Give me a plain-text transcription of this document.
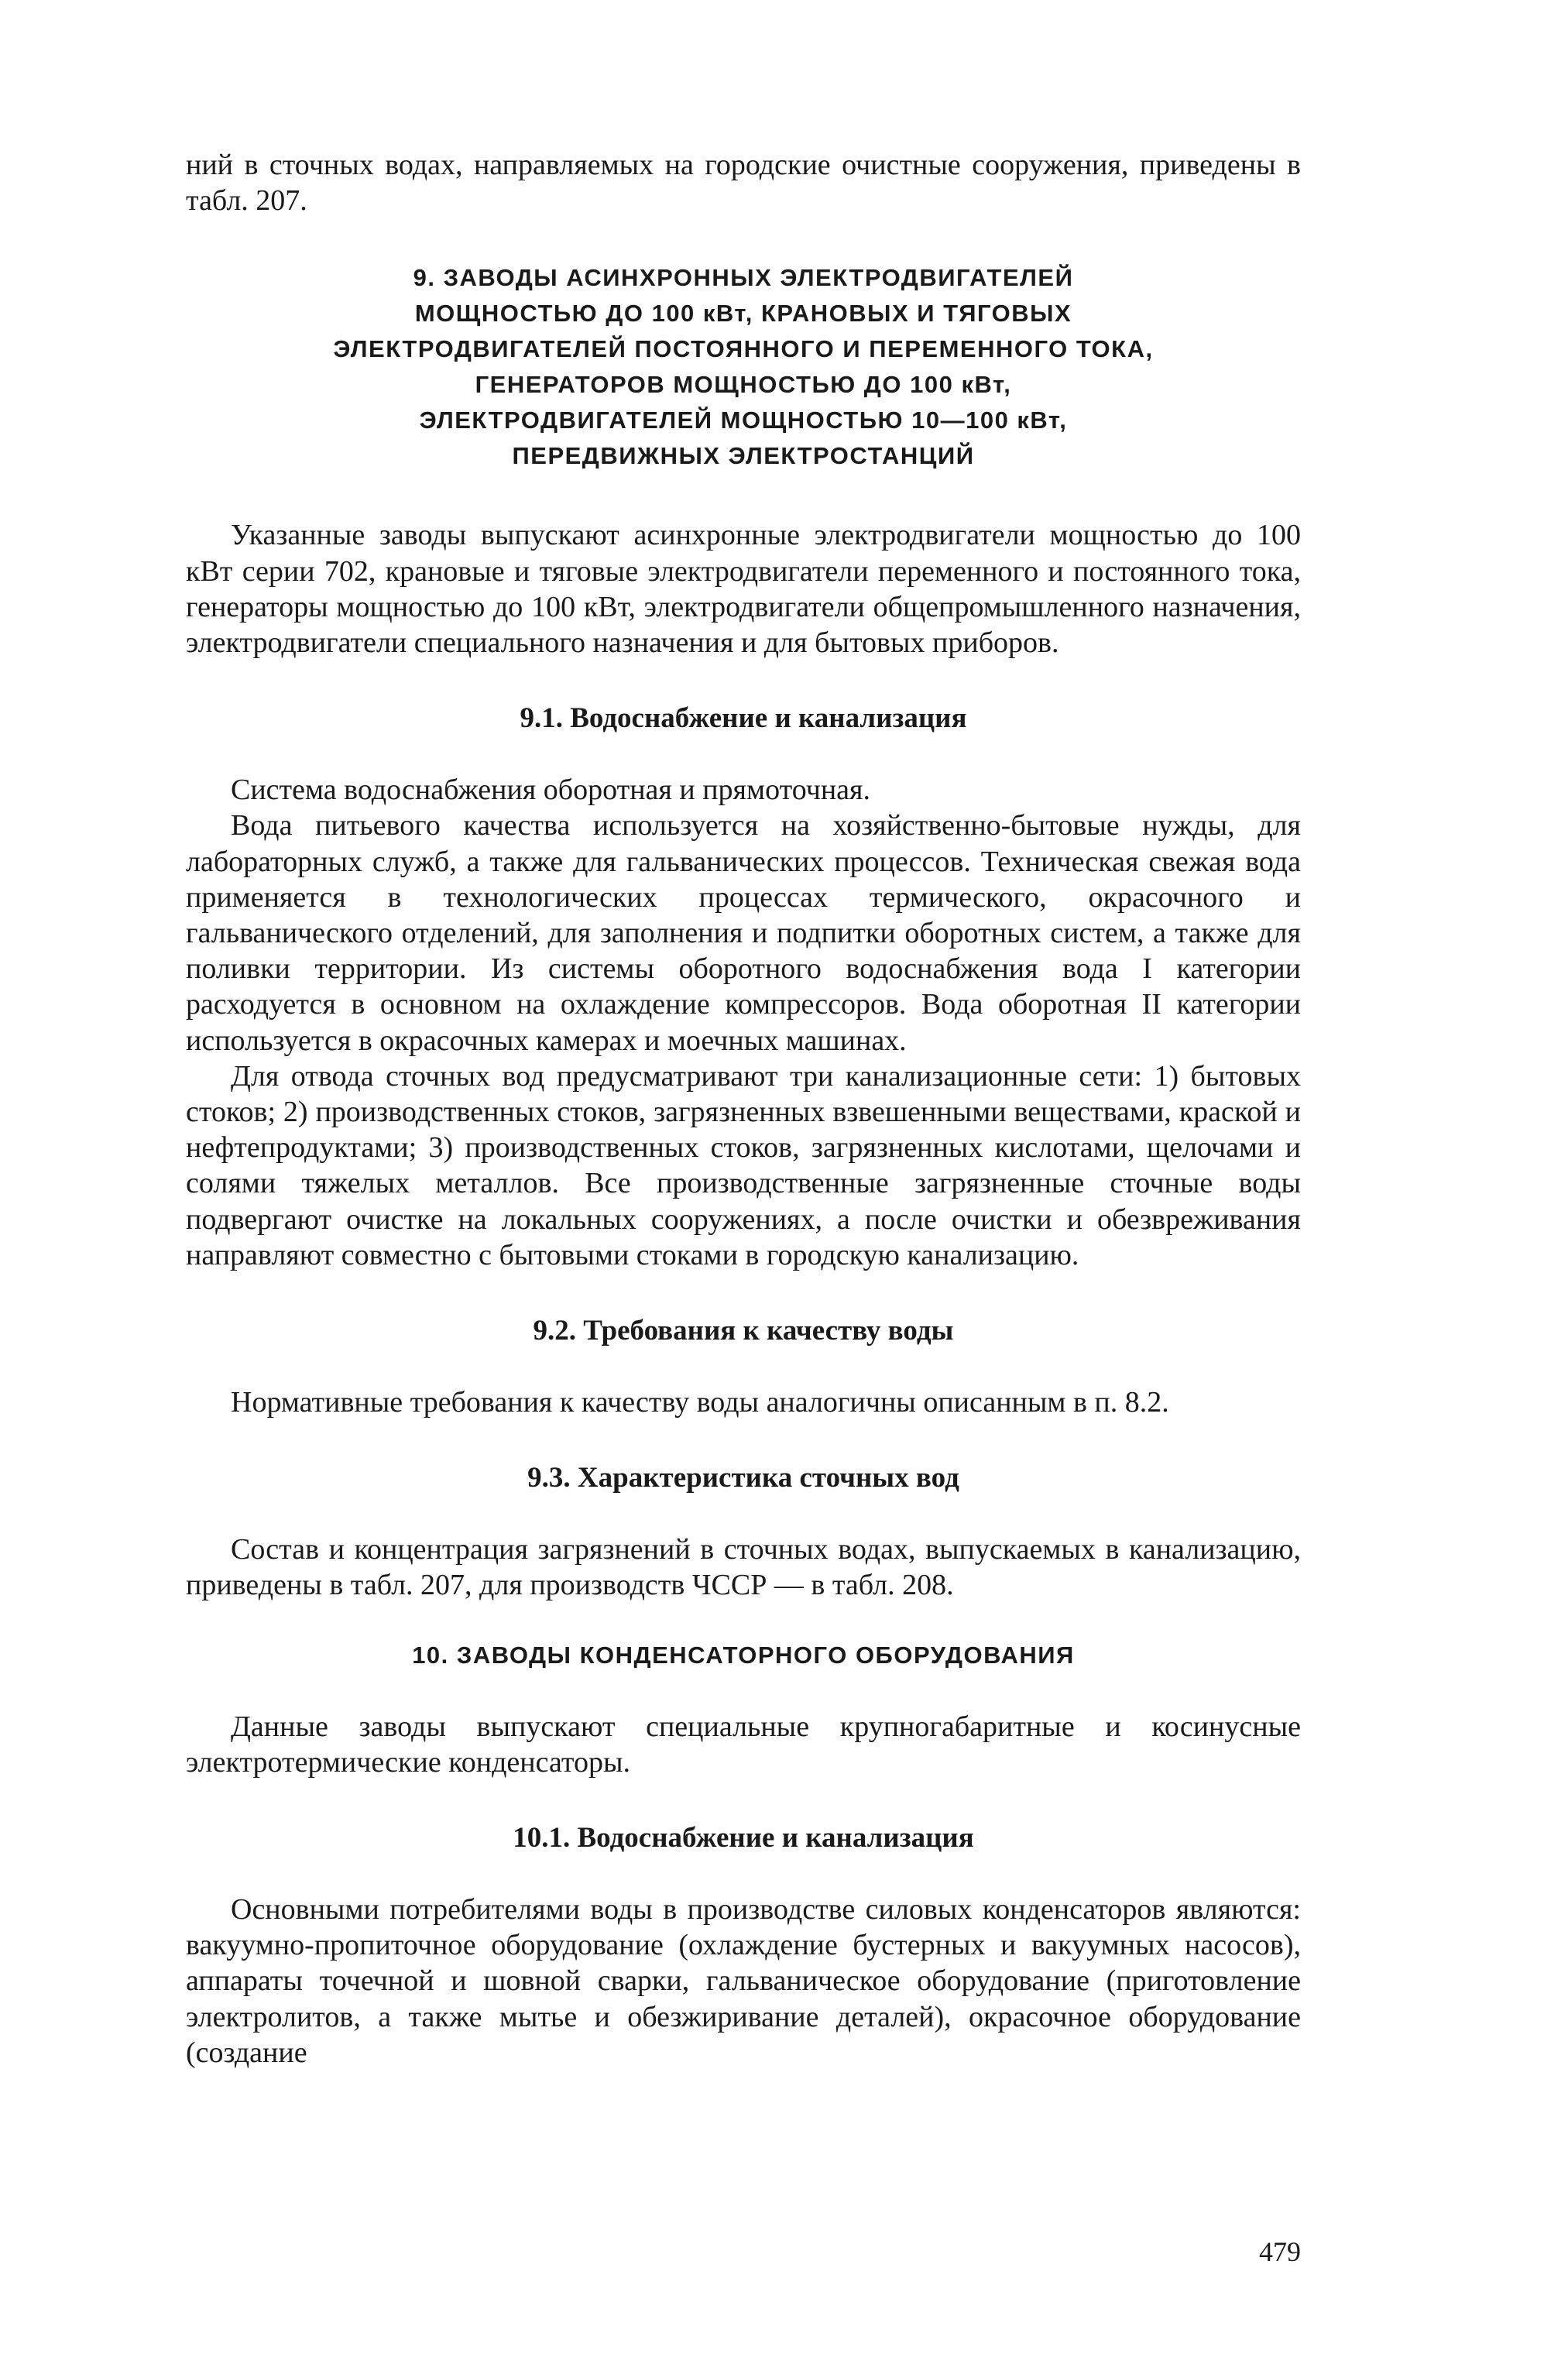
ний в сточных водах, направляемых на городские очистные сооружения, приведены в табл. 207.

9. ЗАВОДЫ АСИНХРОННЫХ ЭЛЕКТРОДВИГАТЕЛЕЙ
МОЩНОСТЬЮ ДО 100 кВт, КРАНОВЫХ И ТЯГОВЫХ
ЭЛЕКТРОДВИГАТЕЛЕЙ ПОСТОЯННОГО И ПЕРЕМЕННОГО ТОКА,
ГЕНЕРАТОРОВ МОЩНОСТЬЮ ДО 100 кВт,
ЭЛЕКТРОДВИГАТЕЛЕЙ МОЩНОСТЬЮ 10—100 кВт,
ПЕРЕДВИЖНЫХ ЭЛЕКТРОСТАНЦИЙ

Указанные заводы выпускают асинхронные электродвигатели мощностью до 100 кВт серии 702, крановые и тяговые электродвигатели переменного и постоянного тока, генераторы мощностью до 100 кВт, электродвигатели общепромышленного назначения, электродвигатели специального назначения и для бытовых приборов.

9.1. Водоснабжение и канализация

Система водоснабжения оборотная и прямоточная.

Вода питьевого качества используется на хозяйственно-бытовые нужды, для лабораторных служб, а также для гальванических процессов. Техническая свежая вода применяется в технологических процессах термического, окрасочного и гальванического отделений, для заполнения и подпитки оборотных систем, а также для поливки территории. Из системы оборотного водоснабжения вода I категории расходуется в основном на охлаждение компрессоров. Вода оборотная II категории используется в окрасочных камерах и моечных машинах.

Для отвода сточных вод предусматривают три канализационные сети: 1) бытовых стоков; 2) производственных стоков, загрязненных взвешенными веществами, краской и нефтепродуктами; 3) производственных стоков, загрязненных кислотами, щелочами и солями тяжелых металлов. Все производственные загрязненные сточные воды подвергают очистке на локальных сооружениях, а после очистки и обезвреживания направляют совместно с бытовыми стоками в городскую канализацию.

9.2. Требования к качеству воды

Нормативные требования к качеству воды аналогичны описанным в п. 8.2.

9.3. Характеристика сточных вод

Состав и концентрация загрязнений в сточных водах, выпускаемых в канализацию, приведены в табл. 207, для производств ЧССР — в табл. 208.

10. ЗАВОДЫ КОНДЕНСАТОРНОГО ОБОРУДОВАНИЯ

Данные заводы выпускают специальные крупногабаритные и косинусные электротермические конденсаторы.

10.1. Водоснабжение и канализация

Основными потребителями воды в производстве силовых конденсаторов являются: вакуумно-пропиточное оборудование (охлаждение бустерных и вакуумных насосов), аппараты точечной и шовной сварки, гальваническое оборудование (приготовление электролитов, а также мытье и обезжиривание деталей), окрасочное оборудование (создание

479
